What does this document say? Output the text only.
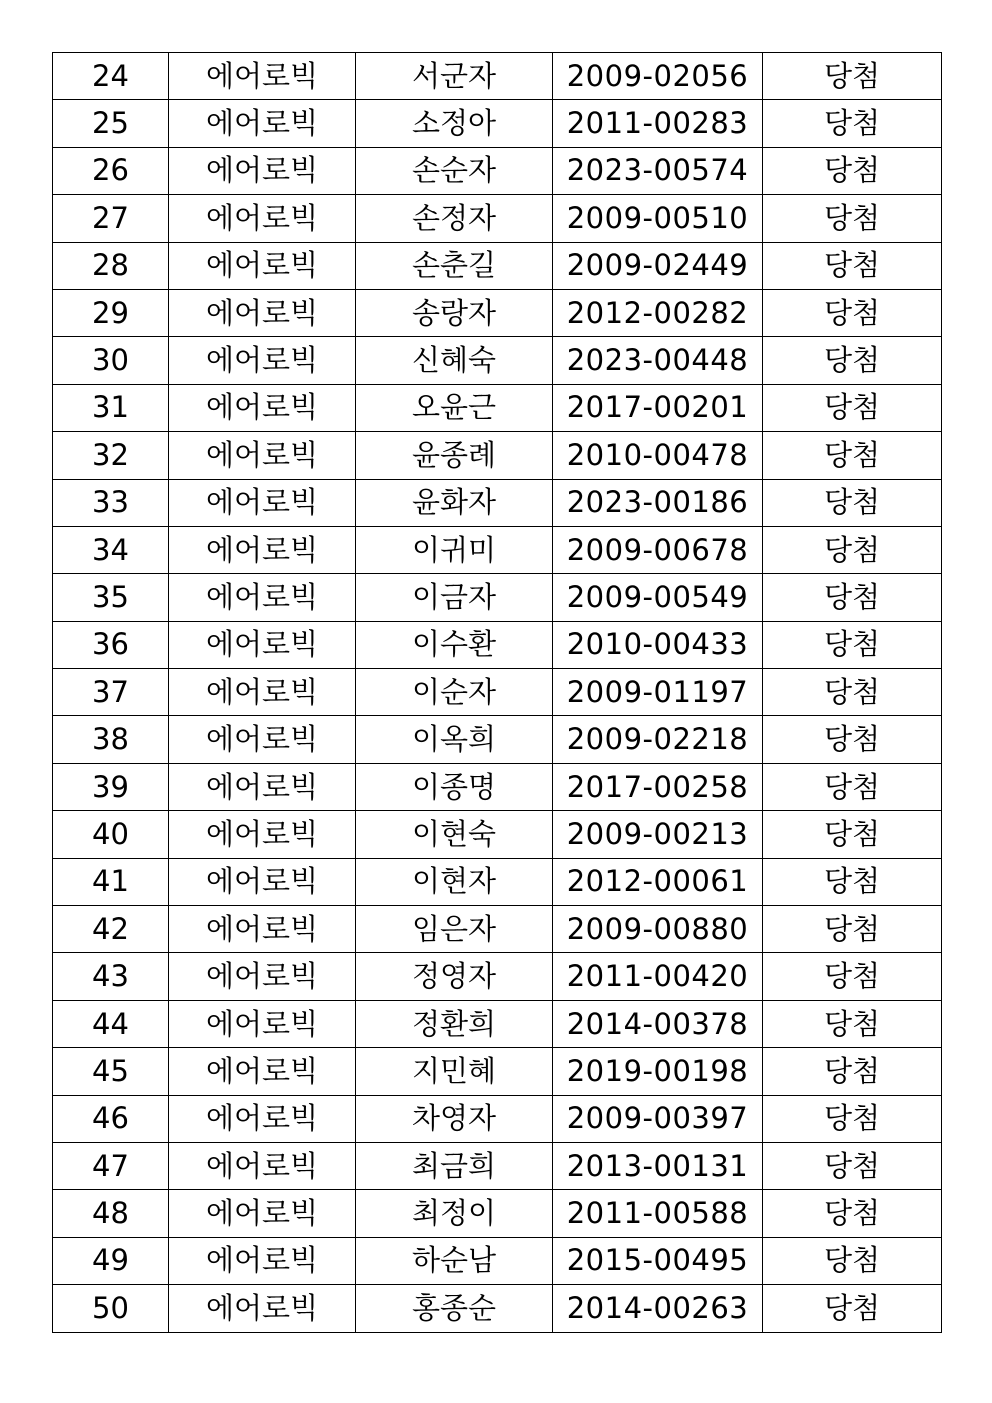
24	에어로빅	서군자	2009-02056	당첨
25	에어로빅	소정아	2011-00283	당첨
26	에어로빅	손순자	2023-00574	당첨
27	에어로빅	손정자	2009-00510	당첨
28	에어로빅	손춘길	2009-02449	당첨
29	에어로빅	송랑자	2012-00282	당첨
30	에어로빅	신혜숙	2023-00448	당첨
31	에어로빅	오윤근	2017-00201	당첨
32	에어로빅	윤종례	2010-00478	당첨
33	에어로빅	윤화자	2023-00186	당첨
34	에어로빅	이귀미	2009-00678	당첨
35	에어로빅	이금자	2009-00549	당첨
36	에어로빅	이수환	2010-00433	당첨
37	에어로빅	이순자	2009-01197	당첨
38	에어로빅	이옥희	2009-02218	당첨
39	에어로빅	이종명	2017-00258	당첨
40	에어로빅	이현숙	2009-00213	당첨
41	에어로빅	이현자	2012-00061	당첨
42	에어로빅	임은자	2009-00880	당첨
43	에어로빅	정영자	2011-00420	당첨
44	에어로빅	정환희	2014-00378	당첨
45	에어로빅	지민혜	2019-00198	당첨
46	에어로빅	차영자	2009-00397	당첨
47	에어로빅	최금희	2013-00131	당첨
48	에어로빅	최정이	2011-00588	당첨
49	에어로빅	하순남	2015-00495	당첨
50	에어로빅	홍종순	2014-00263	당첨
